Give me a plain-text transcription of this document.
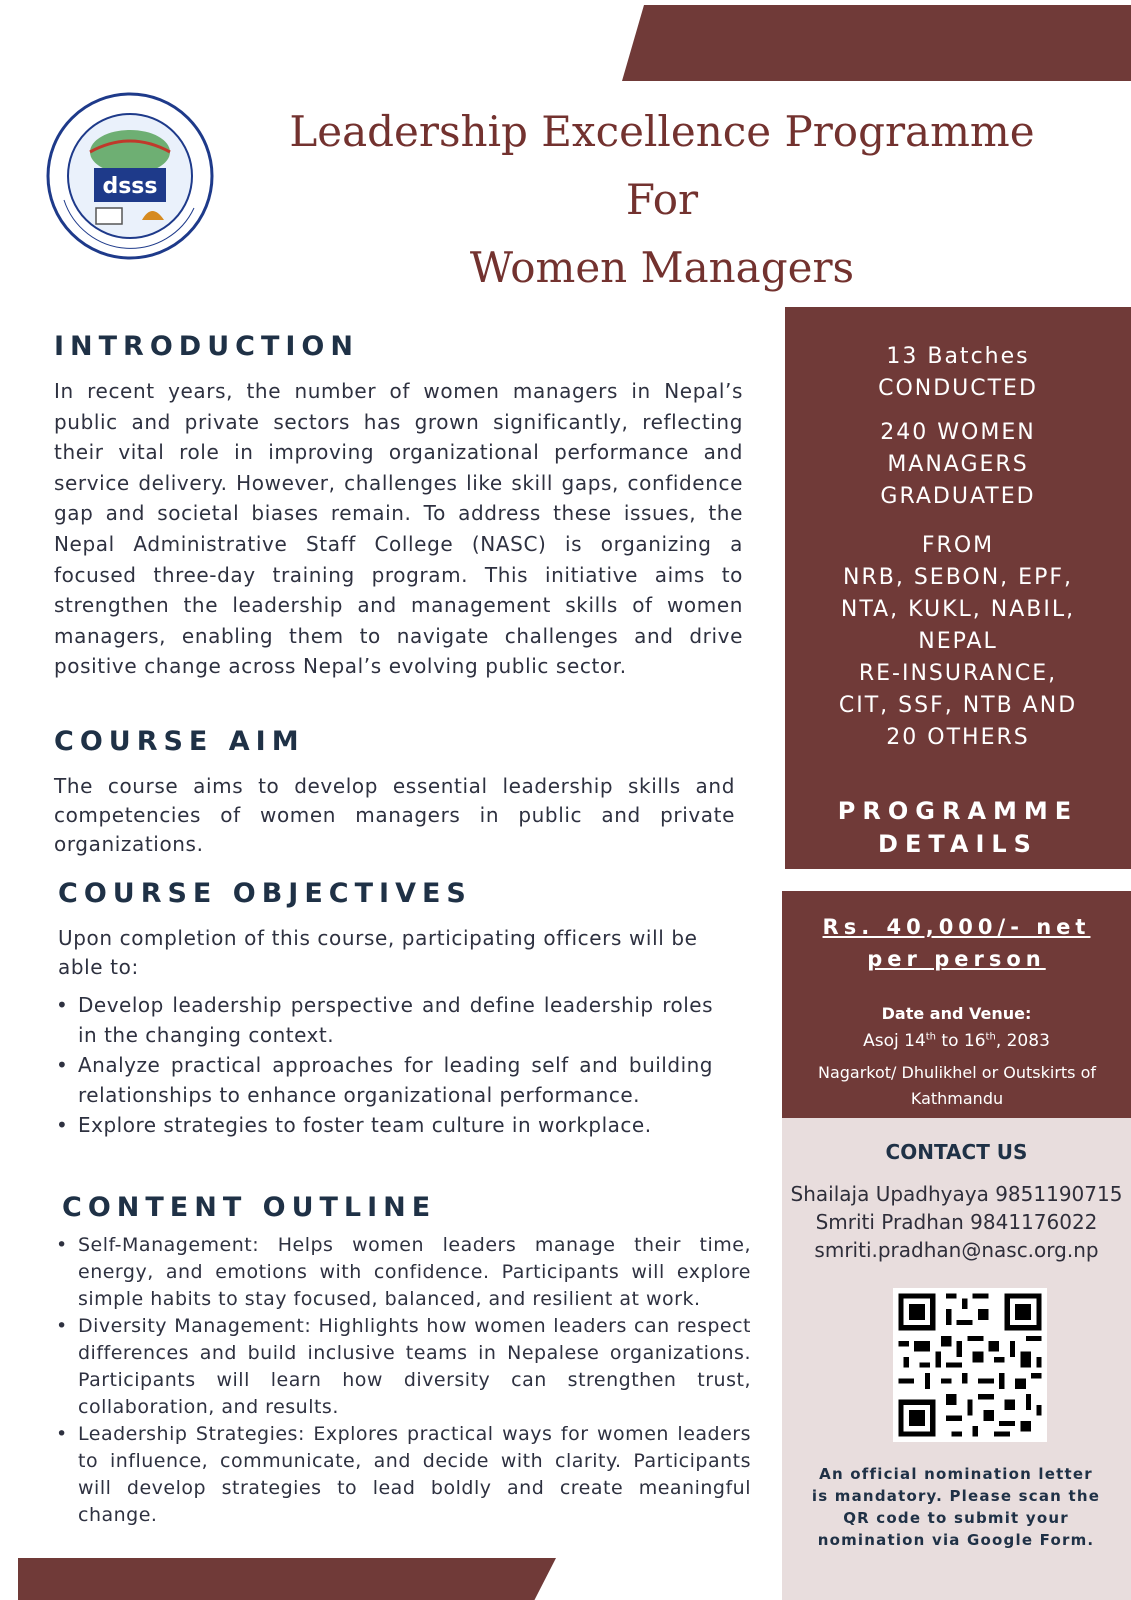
dsss
Leadership Excellence Programme
For
Women Managers
INTRODUCTION
In recent years, the number of women managers in Nepal’s public and private sectors has grown significantly, reflecting their vital role in improving organizational performance and service delivery. However, challenges like skill gaps, confidence gap and societal biases remain. To address these issues, the Nepal Administrative Staff College (NASC) is organizing a focused three-day training program. This initiative aims to strengthen the leadership and management skills of women managers, enabling them to navigate challenges and drive positive change across Nepal’s evolving public sector.
COURSE AIM
The course aims to develop essential leadership skills and competencies of women managers in public and private organizations.
COURSE OBJECTIVES
Upon completion of this course, participating officers will be able to:
• Develop leadership perspective and define leadership roles in the changing context.
• Analyze practical approaches for leading self and building relationships to enhance organizational performance.
• Explore strategies to foster team culture in workplace.
CONTENT OUTLINE
• Self-Management: Helps women leaders manage their time, energy, and emotions with confidence. Participants will explore simple habits to stay focused, balanced, and resilient at work.
• Diversity Management: Highlights how women leaders can respect differences and build inclusive teams in Nepalese organizations. Participants will learn how diversity can strengthen trust, collaboration, and results.
• Leadership Strategies: Explores practical ways for women leaders to influence, communicate, and decide with clarity. Participants will develop strategies to lead boldly and create meaningful change.
13 Batches
CONDUCTED
240 WOMEN
MANAGERS
GRADUATED
FROM
NRB, SEBON, EPF,
NTA, KUKL, NABIL,
NEPAL
RE-INSURANCE,
CIT, SSF, NTB AND
20 OTHERS
PROGRAMME
DETAILS
Rs. 40,000/- net
per person
Date and Venue:
Asoj 14th to 16th, 2083
Nagarkot/ Dhulikhel or Outskirts of Kathmandu
CONTACT US
Shailaja Upadhyaya 9851190715
Smriti Pradhan 9841176022
smriti.pradhan@nasc.org.np
An official nomination letter is mandatory. Please scan the QR code to submit your nomination via Google Form.
